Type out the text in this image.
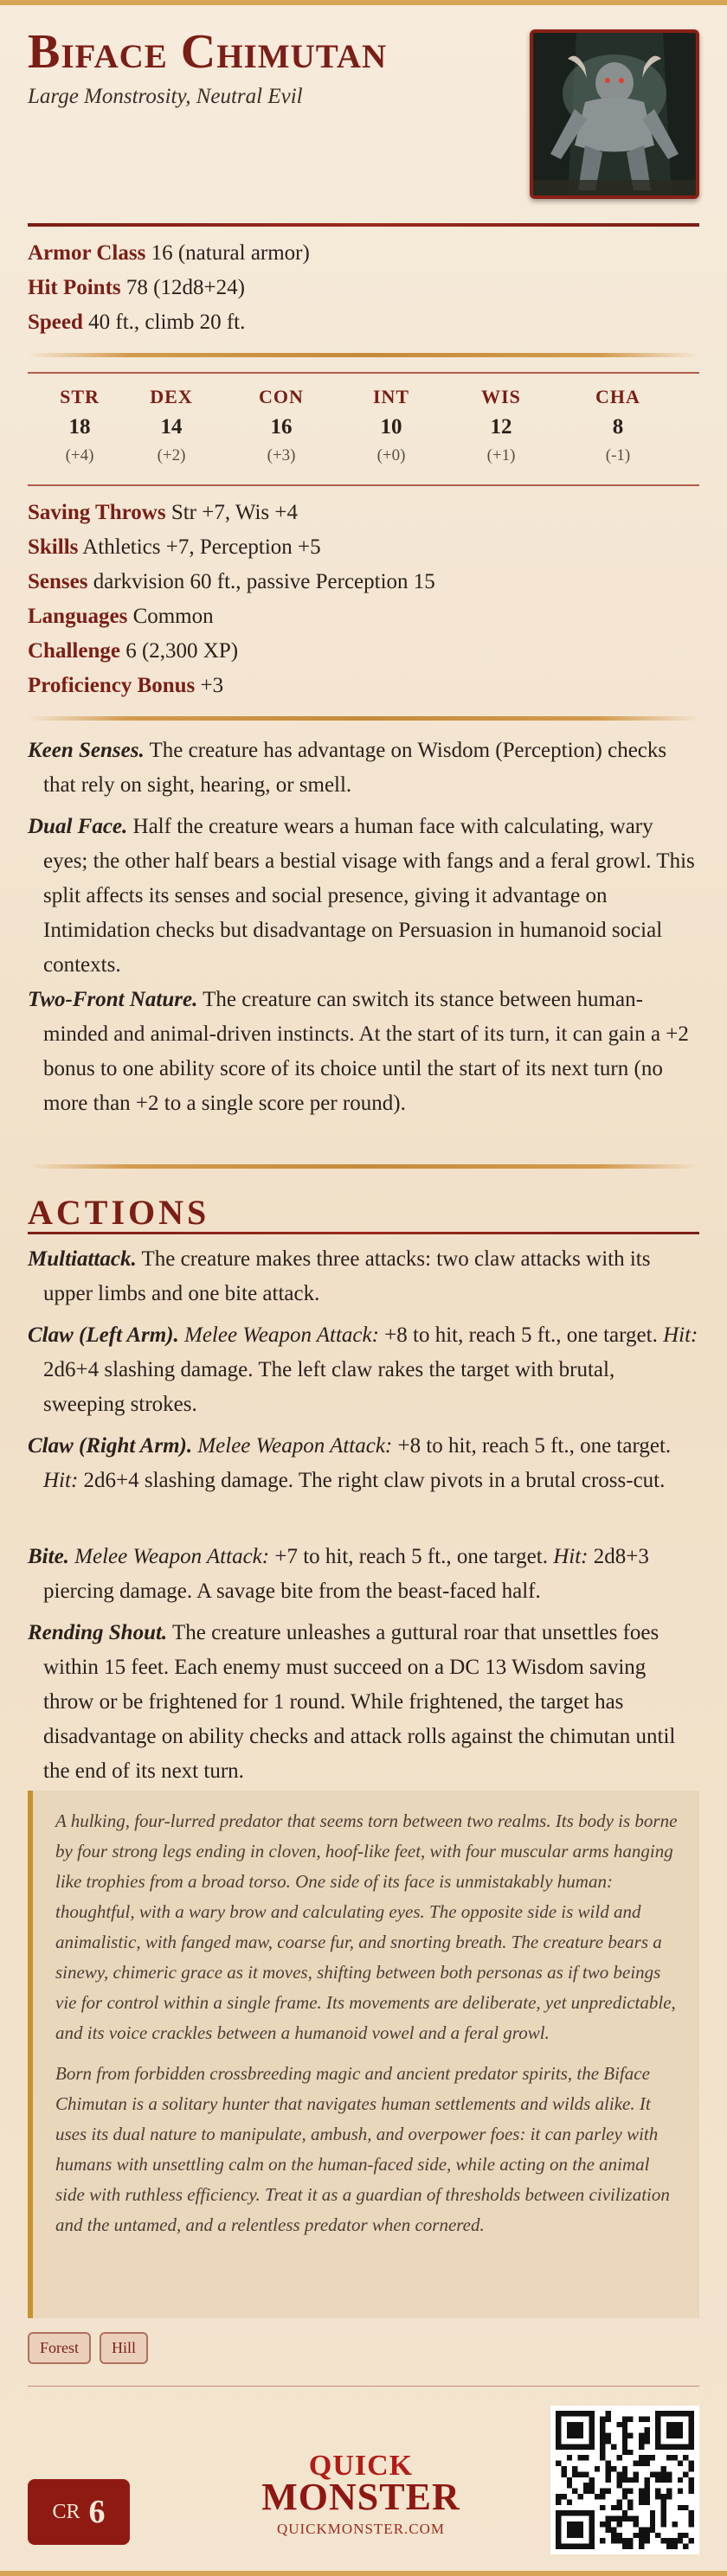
Biface Chimutan
Large Monstrosity, Neutral Evil
Armor Class 16 (natural armor)
Hit Points 78 (12d8+24)
Speed 40 ft., climb 20 ft.
STR
18
(+4)
DEX
14
(+2)
CON
16
(+3)
INT
10
(+0)
WIS
12
(+1)
CHA
8
(-1)
Saving Throws Str +7, Wis +4
Skills Athletics +7, Perception +5
Senses darkvision 60 ft., passive Perception 15
Languages Common
Challenge 6 (2,300 XP)
Proficiency Bonus +3
Keen Senses. The creature has advantage on Wisdom (Perception) checks that rely on sight, hearing, or smell.
Dual Face. Half the creature wears a human face with calculating, wary eyes; the other half bears a bestial visage with fangs and a feral growl. This split affects its senses and social presence, giving it advantage on Intimidation checks but disadvantage on Persuasion in humanoid social contexts.
Two-Front Nature. The creature can switch its stance between human-minded and animal-driven instincts. At the start of its turn, it can gain a +2 bonus to one ability score of its choice until the start of its next turn (no more than +2 to a single score per round).
ACTIONS
Multiattack. The creature makes three attacks: two claw attacks with its upper limbs and one bite attack.
Claw (Left Arm). Melee Weapon Attack: +8 to hit, reach 5 ft., one target. Hit: 2d6+4 slashing damage. The left claw rakes the target with brutal, sweeping strokes.
Claw (Right Arm). Melee Weapon Attack: +8 to hit, reach 5 ft., one target. Hit: 2d6+4 slashing damage. The right claw pivots in a brutal cross-cut.
Bite. Melee Weapon Attack: +7 to hit, reach 5 ft., one target. Hit: 2d8+3 piercing damage. A savage bite from the beast-faced half.
Rending Shout. The creature unleashes a guttural roar that unsettles foes within 15 feet. Each enemy must succeed on a DC 13 Wisdom saving throw or be frightened for 1 round. While frightened, the target has disadvantage on ability checks and attack rolls against the chimutan until the end of its next turn.

A hulking, four-lurred predator that seems torn between two realms. Its body is borne by four strong legs ending in cloven, hoof-like feet, with four muscular arms hanging like trophies from a broad torso. One side of its face is unmistakably human: thoughtful, with a wary brow and calculating eyes. The opposite side is wild and animalistic, with fanged maw, coarse fur, and snorting breath. The creature bears a sinewy, chimeric grace as it moves, shifting between both personas as if two beings vie for control within a single frame. Its movements are deliberate, yet unpredictable, and its voice crackles between a humanoid vowel and a feral growl.

Born from forbidden crossbreeding magic and ancient predator spirits, the Biface Chimutan is a solitary hunter that navigates human settlements and wilds alike. It uses its dual nature to manipulate, ambush, and overpower foes: it can parley with humans with unsettling calm on the human-faced side, while acting on the animal side with ruthless efficiency. Treat it as a guardian of thresholds between civilization and the untamed, and a relentless predator when cornered.

Forest Hill
CR 6
QUICK
MONSTER
QUICKMONSTER.COM
